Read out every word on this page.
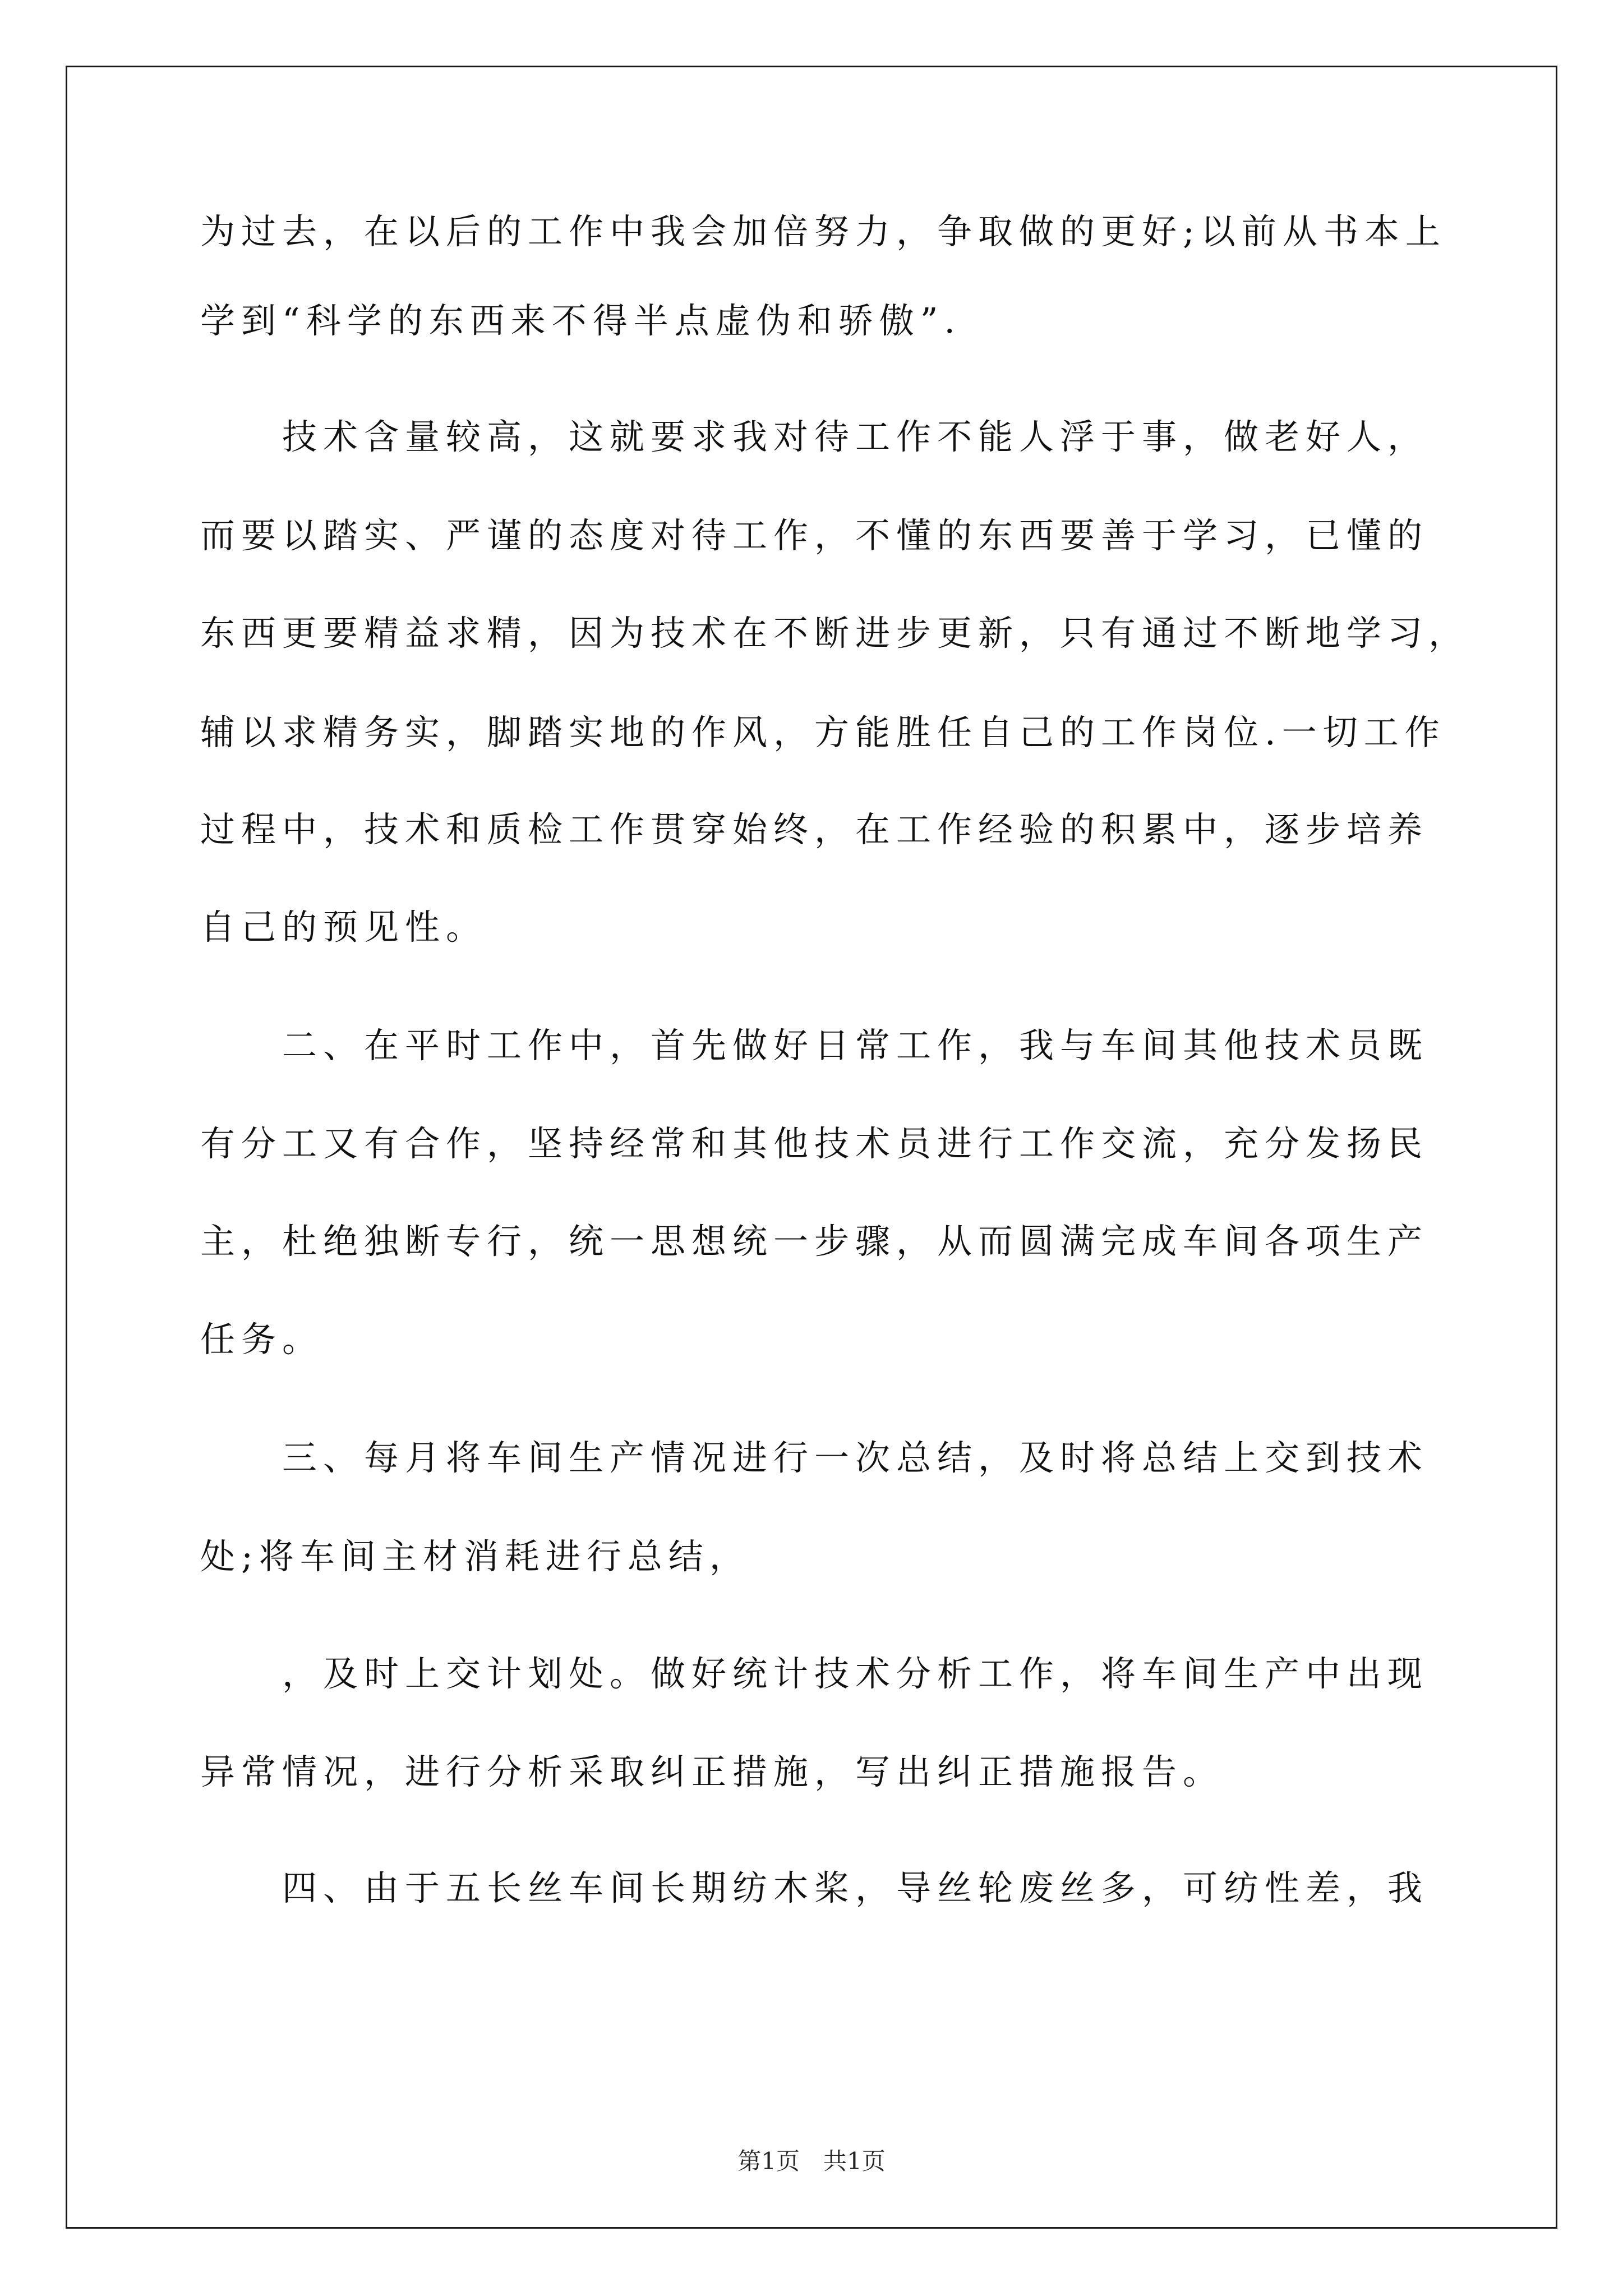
为过去，在以后的工作中我会加倍努力，争取做的更好;以前从书本上
学到“科学的东西来不得半点虚伪和骄傲”.
技术含量较高，这就要求我对待工作不能人浮于事，做老好人，
而要以踏实、严谨的态度对待工作，不懂的东西要善于学习，已懂的
东西更要精益求精，因为技术在不断进步更新，只有通过不断地学习，
辅以求精务实，脚踏实地的作风，方能胜任自己的工作岗位.一切工作
过程中，技术和质检工作贯穿始终，在工作经验的积累中，逐步培养
自己的预见性。
二、在平时工作中，首先做好日常工作，我与车间其他技术员既
有分工又有合作，坚持经常和其他技术员进行工作交流，充分发扬民
主，杜绝独断专行，统一思想统一步骤，从而圆满完成车间各项生产
任务。
三、每月将车间生产情况进行一次总结，及时将总结上交到技术
处;将车间主材消耗进行总结，
，及时上交计划处。做好统计技术分析工作，将车间生产中出现
异常情况，进行分析采取纠正措施，写出纠正措施报告。
四、由于五长丝车间长期纺木桨，导丝轮废丝多，可纺性差，我
第1页　共1页
